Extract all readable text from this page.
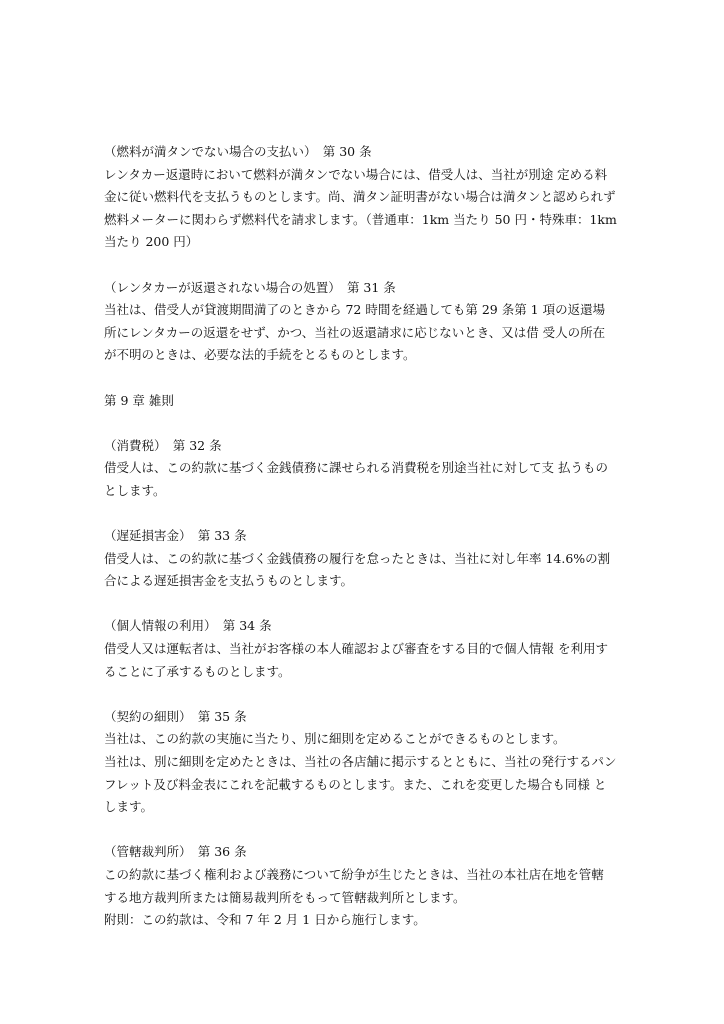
（燃料が満タンでない場合の支払い）　第 30 条
レンタカー返還時において燃料が満タンでない場合には、借受人は、当社が別途 定める料
金に従い燃料代を支払うものとします。尚、満タン証明書がない場合は満タンと認められず
燃料メーターに関わらず燃料代を請求します。（普通車：1km 当たり 50 円・特殊車：1km
当たり 200 円）
（レンタカーが返還されない場合の処置）　第 31 条
当社は、借受人が貸渡期間満了のときから 72 時間を経過しても第 29 条第 1 項の返還場
所にレンタカーの返還をせず、かつ、当社の返還請求に応じないとき、又は借 受人の所在
が不明のときは、必要な法的手続をとるものとします。
第 9 章 雑則
（消費税）　第 32 条
借受人は、この約款に基づく金銭債務に課せられる消費税を別途当社に対して支 払うもの
とします。
（遅延損害金）　第 33 条
借受人は、この約款に基づく金銭債務の履行を怠ったときは、当社に対し年率 14.6%の割
合による遅延損害金を支払うものとします。
（個人情報の利用）　第 34 条
借受人又は運転者は、当社がお客様の本人確認および審査をする目的で個人情報 を利用す
ることに了承するものとします。
（契約の細則）　第 35 条
当社は、この約款の実施に当たり、別に細則を定めることができるものとします。
当社は、別に細則を定めたときは、当社の各店舗に掲示するとともに、当社の発行するパン
フレット及び料金表にこれを記載するものとします。また、これを変更した場合も同様 と
します。
（管轄裁判所）　第 36 条
この約款に基づく権利および義務について紛争が生じたときは、当社の本社店在地を管轄
する地方裁判所または簡易裁判所をもって管轄裁判所とします。
附則：この約款は、令和 7 年 2 月 1 日から施行します。
